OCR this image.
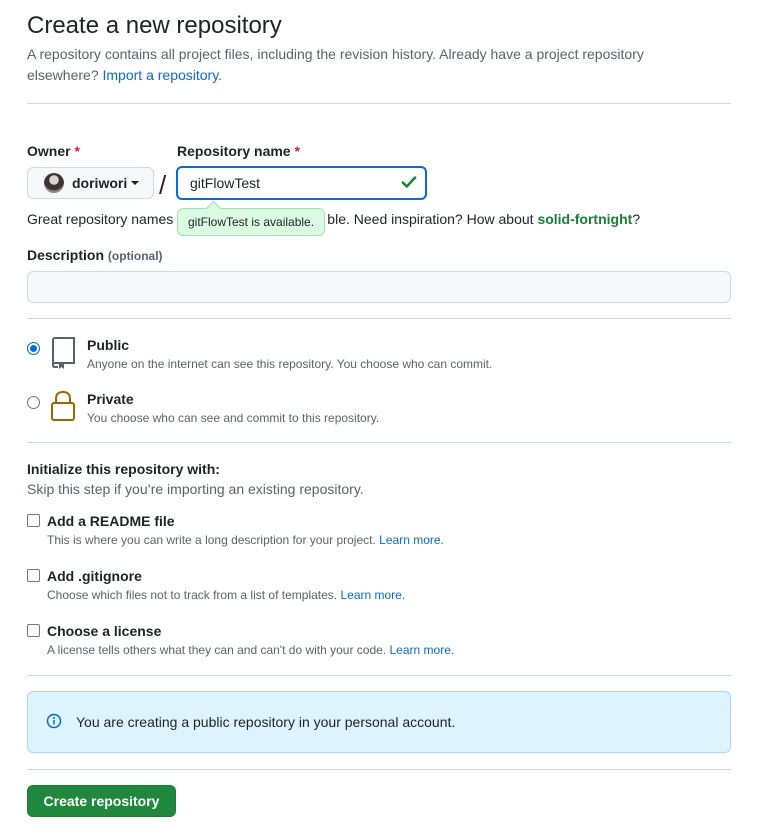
Create a new repository
A repository contains all project files, including the revision history. Already have a project repository elsewhere? Import a repository.
Owner *
doriwori /
Repository name *
gitFlowTest
Great repository names	ble. Need inspiration? How about solid-fortnight?
gitFlowTest is available.
Description (optional)
Public
Anyone on the internet can see this repository. You choose who can commit.
Private
You choose who can see and commit to this repository.
Initialize this repository with:
Skip this step if you’re importing an existing repository.
Add a README file
This is where you can write a long description for your project. Learn more.
Add .gitignore
Choose which files not to track from a list of templates. Learn more.
Choose a license
A license tells others what they can and can't do with your code. Learn more.
You are creating a public repository in your personal account.
Create repository
